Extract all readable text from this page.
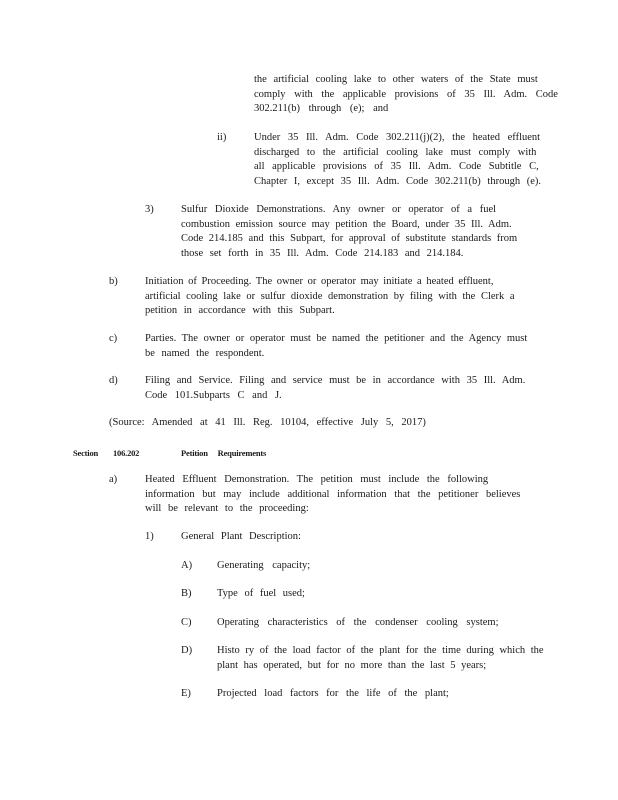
the artificial cooling lake to other waters of the State must
comply with the applicable provisions of 35 Ill. Adm. Code
302.211(b) through (e); and
ii)	Under 35 Ill. Adm. Code 302.211(j)(2), the heated effluent
discharged to the artificial cooling lake must comply with
all applicable provisions of 35 Ill. Adm. Code Subtitle C,
Chapter I, except 35 Ill. Adm. Code 302.211(b) through (e).
3)	Sulfur Dioxide Demonstrations. Any owner or operator of a fuel
combustion emission source may petition the Board, under 35 Ill. Adm.
Code 214.185 and this Subpart, for approval of substitute standards from
those set forth in 35 Ill. Adm. Code 214.183 and 214.184.
b)	Initiation of Proceeding. The owner or operator may initiate a heated effluent,
artificial cooling lake or sulfur dioxide demonstration by filing with the Clerk a
petition in accordance with this Subpart.
c)	Parties. The owner or operator must be named the petitioner and the Agency must
be named the respondent.
d)	Filing and Service. Filing and service must be in accordance with 35 Ill. Adm.
Code 101.Subparts C and J.
(Source: Amended at 41 Ill. Reg. 10104, effective July 5, 2017)
Section 106.202	Petition Requirements
a)	Heated Effluent Demonstration. The petition must include the following
information but may include additional information that the petitioner believes
will be relevant to the proceeding:
1)	General Plant Description:
A) Generating capacity;
B) Type of fuel used;
C) Operating characteristics of the condenser cooling system;
D) Histo ry of the load factor of the plant for the time during which the
plant has operated, but for no more than the last 5 years;
E) Projected load factors for the life of the plant;
